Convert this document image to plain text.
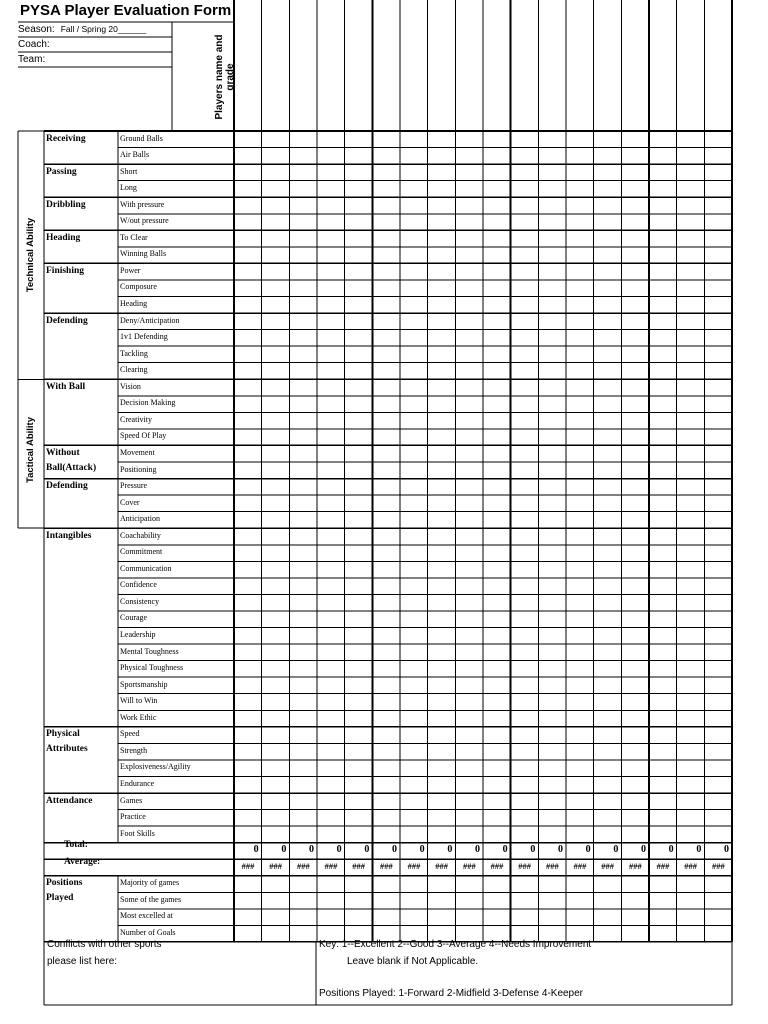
PYSA Player Evaluation Form
Season: Fall / Spring 20______
Coach:
Team:	Players name and grade
Technical Ability
Tactical Ability
Ground Balls
Air Balls
Short
Long
With pressure
W/out pressure
To Clear
Winning Balls
Power
Composure
Heading
Deny/Anticipation
1v1 Defending
Tackling
Clearing
Vision
Decision Making
Creativity
Speed Of Play
Movement
Positioning
Pressure
Cover
Anticipation
Coachability
Commitment
Communication
Confidence
Consistency
Courage
Leadership
Mental Toughness
Physical Toughness
Sportsmanship
Will to Win
Work Ethic
Speed
Strength
Explosiveness/Agility
Endurance
Games
Practice
Foot Skills
Receiving
Passing
Dribbling
Heading
Finishing
Defending
With Ball
Without
Ball(Attack)
Defending
Intangibles
Physical
Attributes
Attendance
Positions
Played
Majority of games
Some of the games
Most excelled at
Number of Goals
Total:
Average:
0
###
0
###
0
###
0
###
0
###
0
###
0
###
0
###
0
###
0
###
0
###
0
###
0
###
0
###
0
###
0
###
0
###
0
###
Conflicts with other sports
please list here:
Key: 1--Excellent 2--Good 3--Average 4--Needs Improvement
Leave blank if Not Applicable.
Positions Played: 1-Forward 2-Midfield 3-Defense 4-Keeper
